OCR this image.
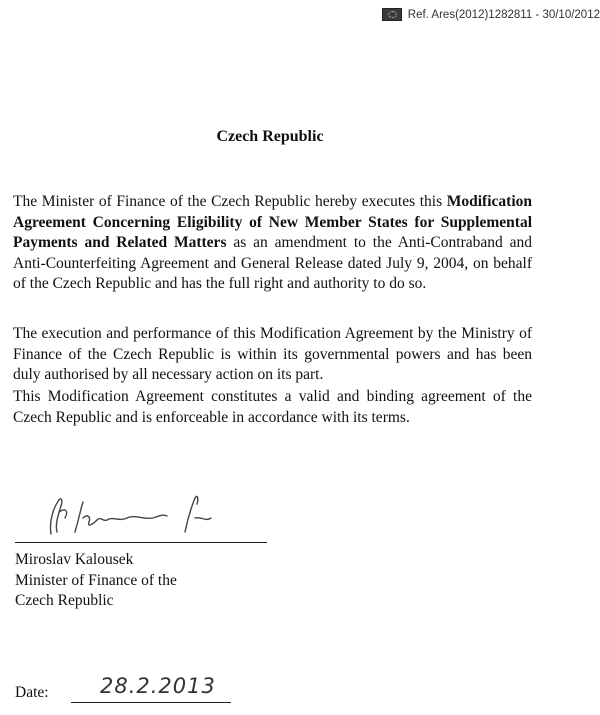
Ref. Ares(2012)1282811 - 30/10/2012
Czech Republic

The Minister of Finance of the Czech Republic hereby executes this Modification Agreement Concerning Eligibility of New Member States for Supplemental Payments and Related Matters as an amendment to the Anti-Contraband and Anti-Counterfeiting Agreement and General Release dated July 9, 2004, on behalf of the Czech Republic and has the full right and authority to do so.

The execution and performance of this Modification Agreement by the Ministry of Finance of the Czech Republic is within its governmental powers and has been duly authorised by all necessary action on its part.

This Modification Agreement constitutes a valid and binding agreement of the Czech Republic and is enforceable in accordance with its terms.

Miroslav Kalousek
Minister of Finance of the
Czech Republic
Date: 28.2.2013
